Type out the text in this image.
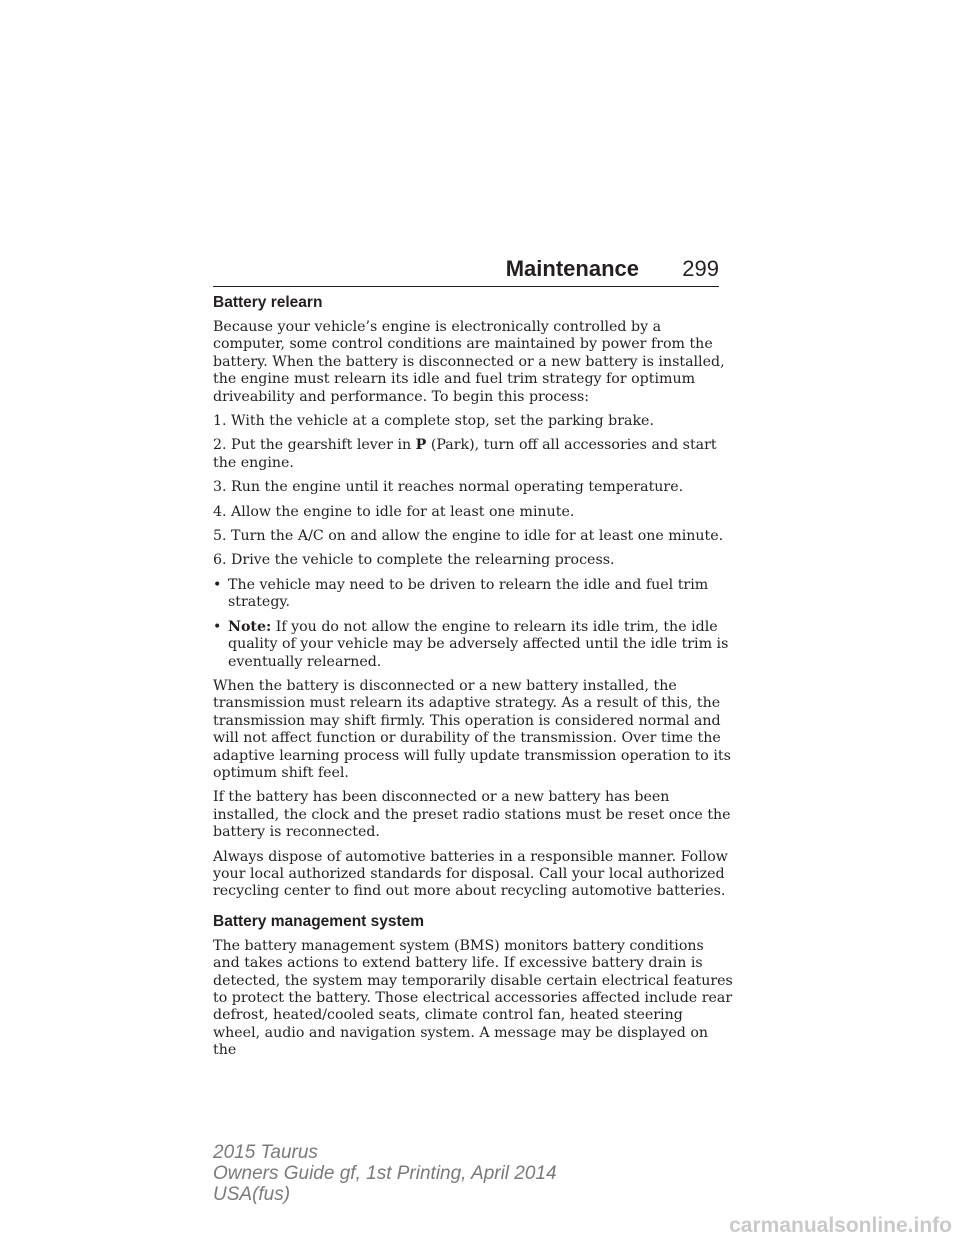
Maintenance 299
Battery relearn

Because your vehicle’s engine is electronically controlled by a computer, some control conditions are maintained by power from the battery. When the battery is disconnected or a new battery is installed, the engine must relearn its idle and fuel trim strategy for optimum driveability and performance. To begin this process:

1. With the vehicle at a complete stop, set the parking brake.

2. Put the gearshift lever in P (Park), turn off all accessories and start the engine.

3. Run the engine until it reaches normal operating temperature.

4. Allow the engine to idle for at least one minute.

5. Turn the A/C on and allow the engine to idle for at least one minute.

6. Drive the vehicle to complete the relearning process.

• The vehicle may need to be driven to relearn the idle and fuel trim strategy.
• Note: If you do not allow the engine to relearn its idle trim, the idle quality of your vehicle may be adversely affected until the idle trim is eventually relearned.

When the battery is disconnected or a new battery installed, the transmission must relearn its adaptive strategy. As a result of this, the transmission may shift firmly. This operation is considered normal and will not affect function or durability of the transmission. Over time the adaptive learning process will fully update transmission operation to its optimum shift feel.

If the battery has been disconnected or a new battery has been installed, the clock and the preset radio stations must be reset once the battery is reconnected.

Always dispose of automotive batteries in a responsible manner. Follow your local authorized standards for disposal. Call your local authorized recycling center to find out more about recycling automotive batteries.

Battery management system

The battery management system (BMS) monitors battery conditions and takes actions to extend battery life. If excessive battery drain is detected, the system may temporarily disable certain electrical features to protect the battery. Those electrical accessories affected include rear defrost, heated/cooled seats, climate control fan, heated steering wheel, audio and navigation system. A message may be displayed on the

2015 Taurus
Owners Guide gf, 1st Printing, April 2014
USA(fus)
carmanualsonline.info
